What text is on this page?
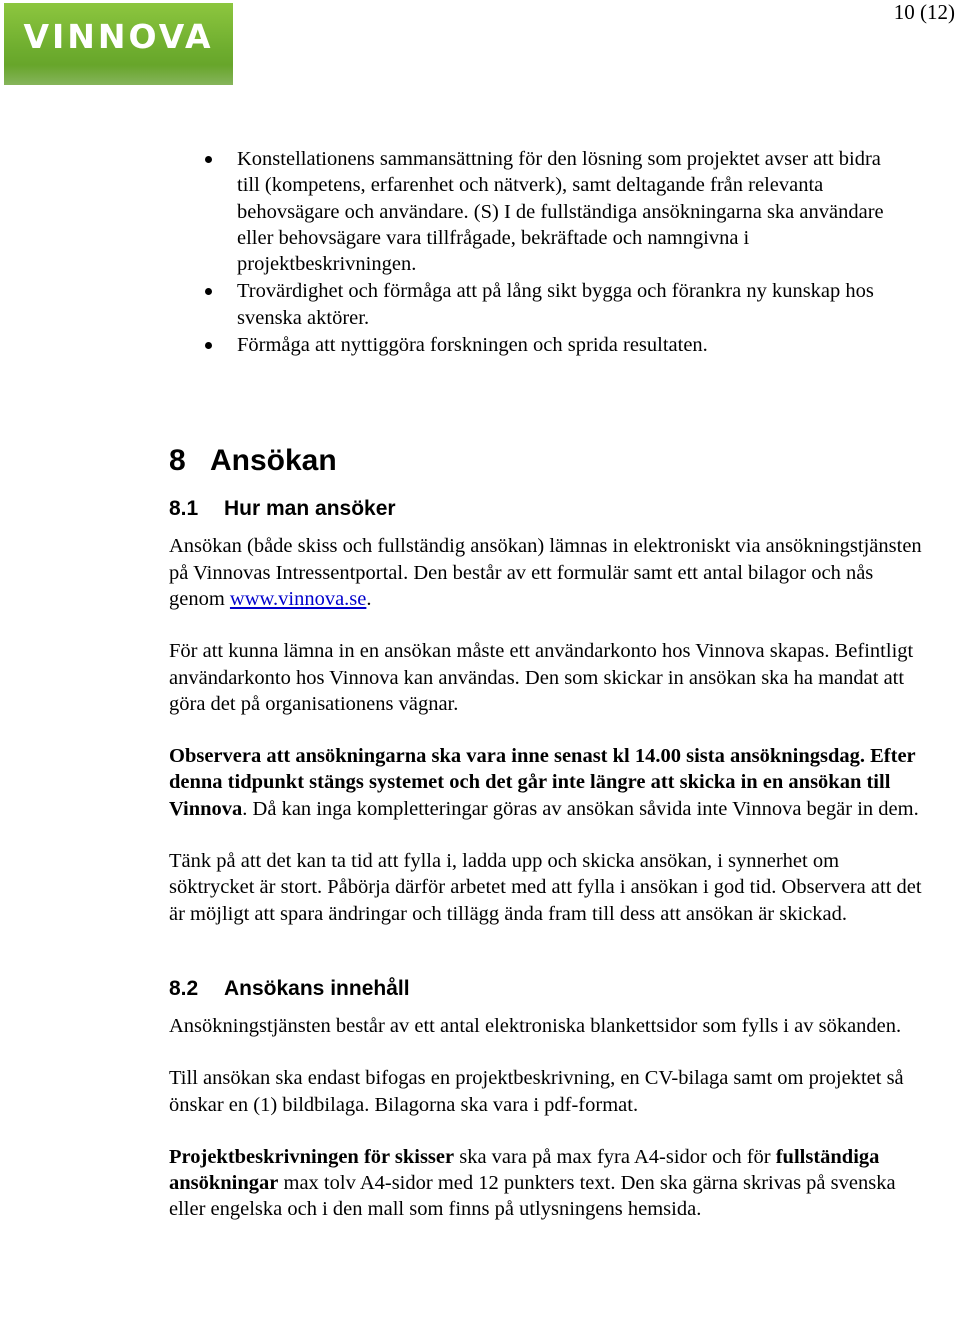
VINNOVA
10 (12)
Konstellationens sammansättning för den lösning som projektet avser att bidra till (kompetens, erfarenhet och nätverk), samt deltagande från relevanta behovsägare och användare. (S) I de fullständiga ansökningarna ska användare eller behovsägare vara tillfrågade, bekräftade och namngivna i projektbeskrivningen.
Trovärdighet och förmåga att på lång sikt bygga och förankra ny kunskap hos svenska aktörer.
Förmåga att nyttiggöra forskningen och sprida resultaten.
8 Ansökan
8.1 Hur man ansöker

Ansökan (både skiss och fullständig ansökan) lämnas in elektroniskt via ansökningstjänsten på Vinnovas Intressentportal. Den består av ett formulär samt ett antal bilagor och nås genom www.vinnova.se.

För att kunna lämna in en ansökan måste ett användarkonto hos Vinnova skapas. Befintligt användarkonto hos Vinnova kan användas. Den som skickar in ansökan ska ha mandat att göra det på organisationens vägnar.

Observera att ansökningarna ska vara inne senast kl 14.00 sista ansökningsdag. Efter denna tidpunkt stängs systemet och det går inte längre att skicka in en ansökan till Vinnova. Då kan inga kompletteringar göras av ansökan såvida inte Vinnova begär in dem.

Tänk på att det kan ta tid att fylla i, ladda upp och skicka ansökan, i synnerhet om söktrycket är stort. Påbörja därför arbetet med att fylla i ansökan i god tid. Observera att det är möjligt att spara ändringar och tillägg ända fram till dess att ansökan är skickad.

8.2 Ansökans innehåll

Ansökningstjänsten består av ett antal elektroniska blankettsidor som fylls i av sökanden.

Till ansökan ska endast bifogas en projektbeskrivning, en CV-bilaga samt om projektet så önskar en (1) bildbilaga. Bilagorna ska vara i pdf-format.

Projektbeskrivningen för skisser ska vara på max fyra A4-sidor och för fullständiga ansökningar max tolv A4-sidor med 12 punkters text. Den ska gärna skrivas på svenska eller engelska och i den mall som finns på utlysningens hemsida.
